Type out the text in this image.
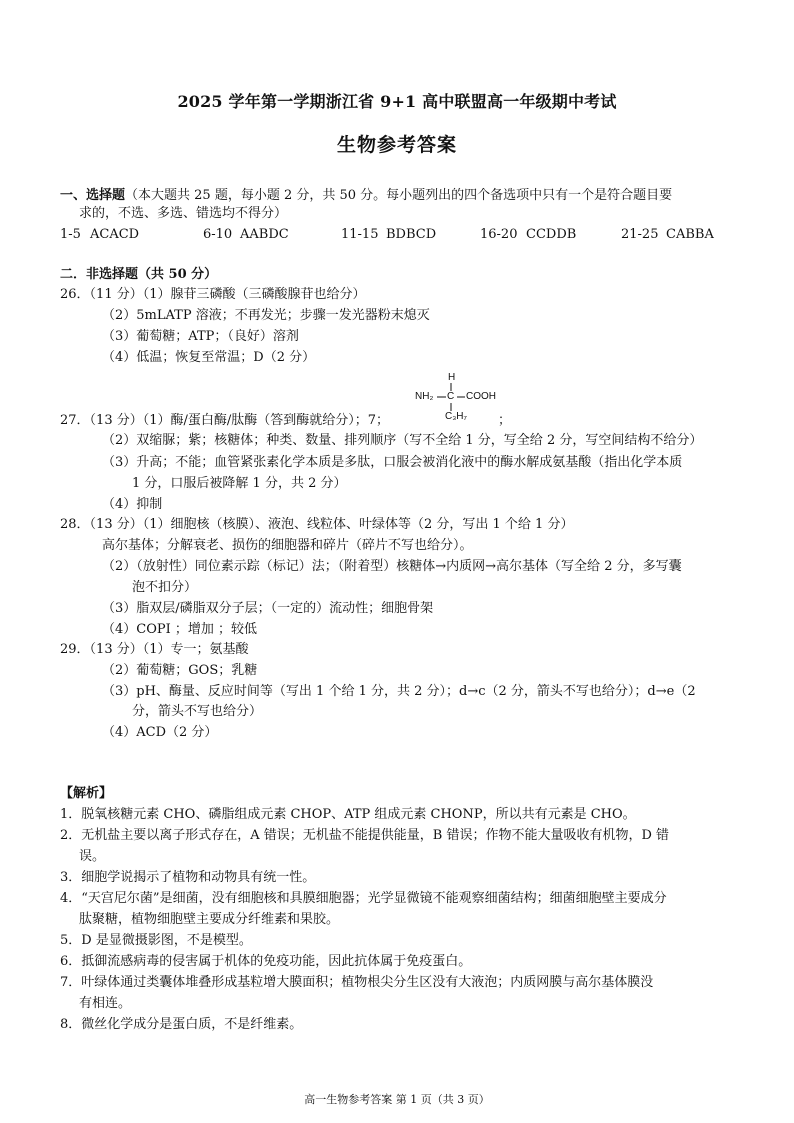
2025 学年第一学期浙江省 9+1 高中联盟高一年级期中考试
生物参考答案
一、选择题（本大题共 25 题，每小题 2 分，共 50 分。每小题列出的四个备选项中只有一个是符合题目要
求的，不选、多选、错选均不得分）
1-5 ACACD	6-10 AABDC	11-15 BDBCD	16-20 CCDDB	21-25 CABBA
二．非选择题（共 50 分）
26．（11 分）（1）腺苷三磷酸（三磷酸腺苷也给分）
（2）5mLATP 溶液；不再发光；步骤一发光器粉末熄灭
（3）葡萄糖；ATP；（良好）溶剂
（4）低温；恢复至常温；D（2 分）
H
NH₂ C COOH
C₃H₇
27．（13 分）（1）酶/蛋白酶/肽酶（答到酶就给分）；7；	；
（2）双缩脲；紫；核糖体；种类、数量、排列顺序（写不全给 1 分，写全给 2 分，写空间结构不给分）
（3）升高；不能；血管紧张素化学本质是多肽，口服会被消化液中的酶水解成氨基酸（指出化学本质
1 分，口服后被降解 1 分，共 2 分）
（4）抑制
28．（13 分）（1）细胞核（核膜）、液泡、线粒体、叶绿体等（2 分，写出 1 个给 1 分）
高尔基体；分解衰老、损伤的细胞器和碎片（碎片不写也给分）。
（2）（放射性）同位素示踪（标记）法；（附着型）核糖体→内质网→高尔基体（写全给 2 分，多写囊
泡不扣分）
（3）脂双层/磷脂双分子层；（一定的）流动性；细胞骨架
（4）COPI ；增加 ；较低
29．（13 分）（1）专一；氨基酸
（2）葡萄糖；GOS；乳糖
（3）pH、酶量、反应时间等（写出 1 个给 1 分，共 2 分）；d→c（2 分，箭头不写也给分）；d→e（2
分，箭头不写也给分）
（4）ACD（2 分）
【解析】
1．脱氧核糖元素 CHO、磷脂组成元素 CHOP、ATP 组成元素 CHONP，所以共有元素是 CHO。
2．无机盐主要以离子形式存在，A 错误；无机盐不能提供能量，B 错误；作物不能大量吸收有机物，D 错
误。
3．细胞学说揭示了植物和动物具有统一性。
4．“天宫尼尔菌”是细菌，没有细胞核和具膜细胞器；光学显微镜不能观察细菌结构；细菌细胞壁主要成分
肽聚糖，植物细胞壁主要成分纤维素和果胶。
5．D 是显微摄影图，不是模型。
6．抵御流感病毒的侵害属于机体的免疫功能，因此抗体属于免疫蛋白。
7．叶绿体通过类囊体堆叠形成基粒增大膜面积；植物根尖分生区没有大液泡；内质网膜与高尔基体膜没
有相连。
8．微丝化学成分是蛋白质，不是纤维素。
高一生物参考答案 第 1 页（共 3 页）
